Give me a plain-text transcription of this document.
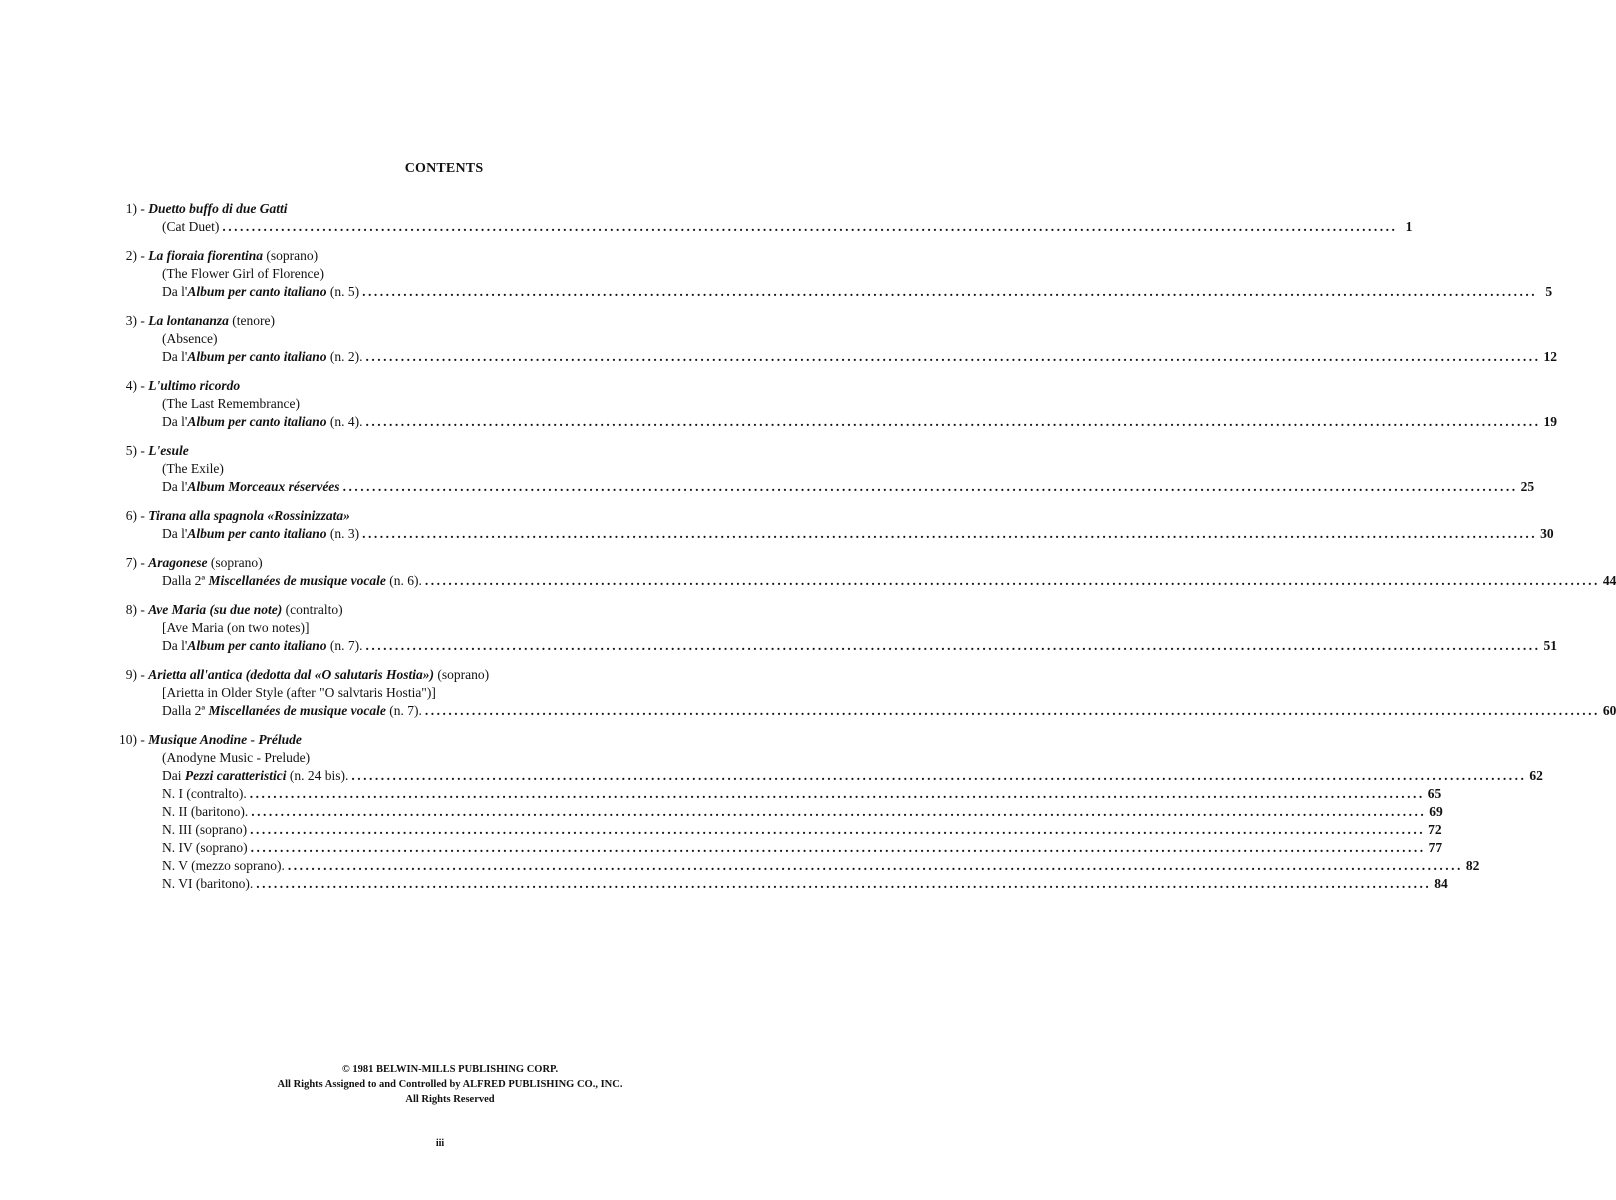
CONTENTS
1) - Duetto buffo di due Gatti
(Cat Duet) ........................................................................................................................................................................................................ 1
2) - La fioraia fiorentina (soprano)
(The Flower Girl of Florence)
Da l'Album per canto italiano (n. 5) ........................................................................................................................................................................................................ 5
3) - La lontananza (tenore)
(Absence)
Da l'Album per canto italiano (n. 2). ........................................................................................................................................................................................................ 12
4) - L'ultimo ricordo
(The Last Remembrance)
Da l'Album per canto italiano (n. 4). ........................................................................................................................................................................................................ 19
5) - L'esule
(The Exile)
Da l'Album Morceaux réservées ........................................................................................................................................................................................................ 25
6) - Tirana alla spagnola «Rossinizzata»
Da l'Album per canto italiano (n. 3) ........................................................................................................................................................................................................ 30
7) - Aragonese (soprano)
Dalla 2ª Miscellanées de musique vocale (n. 6). ........................................................................................................................................................................................................ 44
8) - Ave Maria (su due note) (contralto)
[Ave Maria (on two notes)]
Da l'Album per canto italiano (n. 7). ........................................................................................................................................................................................................ 51
9) - Arietta all'antica (dedotta dal «O salutaris Hostia») (soprano)
[Arietta in Older Style (after "O salvtaris Hostia")]
Dalla 2ª Miscellanées de musique vocale (n. 7). ........................................................................................................................................................................................................ 60
10) - Musique Anodine - Prélude
(Anodyne Music - Prelude)
Dai Pezzi caratteristici (n. 24 bis). ........................................................................................................................................................................................................ 62
N. I (contralto). ........................................................................................................................................................................................................ 65
N. II (baritono). ........................................................................................................................................................................................................ 69
N. III (soprano) ........................................................................................................................................................................................................ 72
N. IV (soprano) ........................................................................................................................................................................................................ 77
N. V (mezzo soprano). ........................................................................................................................................................................................................ 82
N. VI (baritono). ........................................................................................................................................................................................................ 84
© 1981 BELWIN-MILLS PUBLISHING CORP.
All Rights Assigned to and Controlled by ALFRED PUBLISHING CO., INC.
All Rights Reserved
iii
